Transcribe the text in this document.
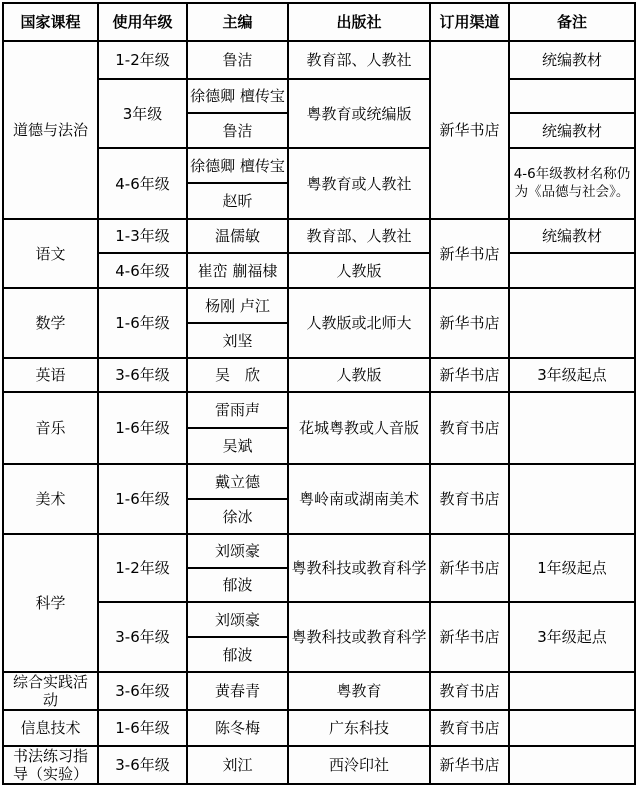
国家课程	使用年级	主编	出版社	订用渠道	备注
道德与法治	1-2年级	鲁洁	教育部、人教社	新华书店	统编教材
	3年级	徐德卿 檀传宝	粤教育或统编版		
		鲁洁			统编教材
	4-6年级	徐德卿 檀传宝	粤教育或人教社		4-6年级教材名称仍为《品德与社会》。
		赵昕			
语文	1-3年级	温儒敏	教育部、人教社	新华书店	统编教材
	4-6年级	崔峦 蒯福棣	人教版		
数学	1-6年级	杨刚 卢江	人教版或北师大	新华书店	
		刘坚			
英语	3-6年级	吴　欣	人教版	新华书店	3年级起点
音乐	1-6年级	雷雨声	花城粤教或人音版	教育书店	
		吴斌			
美术	1-6年级	戴立德	粤岭南或湖南美术	教育书店	
		徐冰			
科学	1-2年级	刘颂豪	粤教科技或教育科学	新华书店	1年级起点
		郁波			
	3-6年级	刘颂豪	粤教科技或教育科学	新华书店	3年级起点
		郁波			
综合实践活动	3-6年级	黄春青	粤教育	教育书店	
信息技术	1-6年级	陈冬梅	广东科技	教育书店	
书法练习指导（实验）	3-6年级	刘江	西泠印社	新华书店	
